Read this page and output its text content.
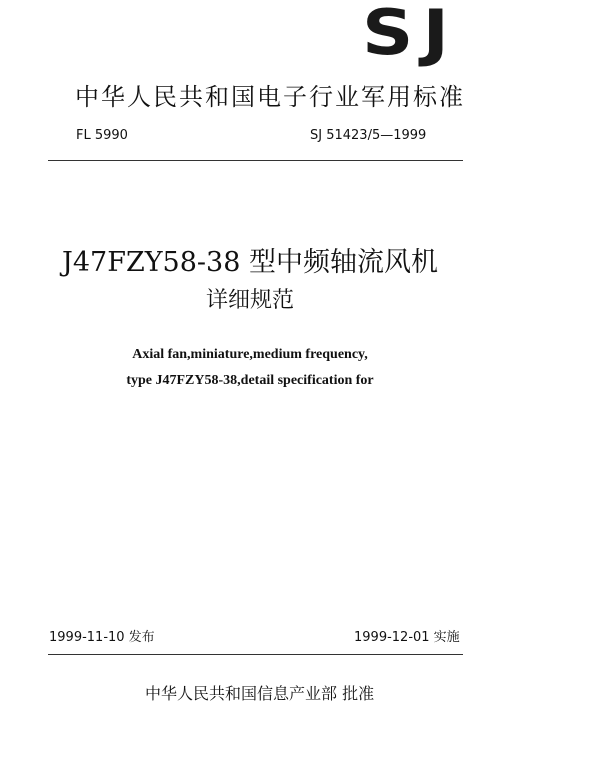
SJ
中华人民共和国电子行业军用标准
FL 5990	SJ 51423/5—1999
J47FZY58-38 型中频轴流风机
详细规范
Axial fan,miniature,medium frequency,
type J47FZY58-38,detail specification for
1999-11-10 发布	1999-12-01 实施
中华人民共和国信息产业部 批准
